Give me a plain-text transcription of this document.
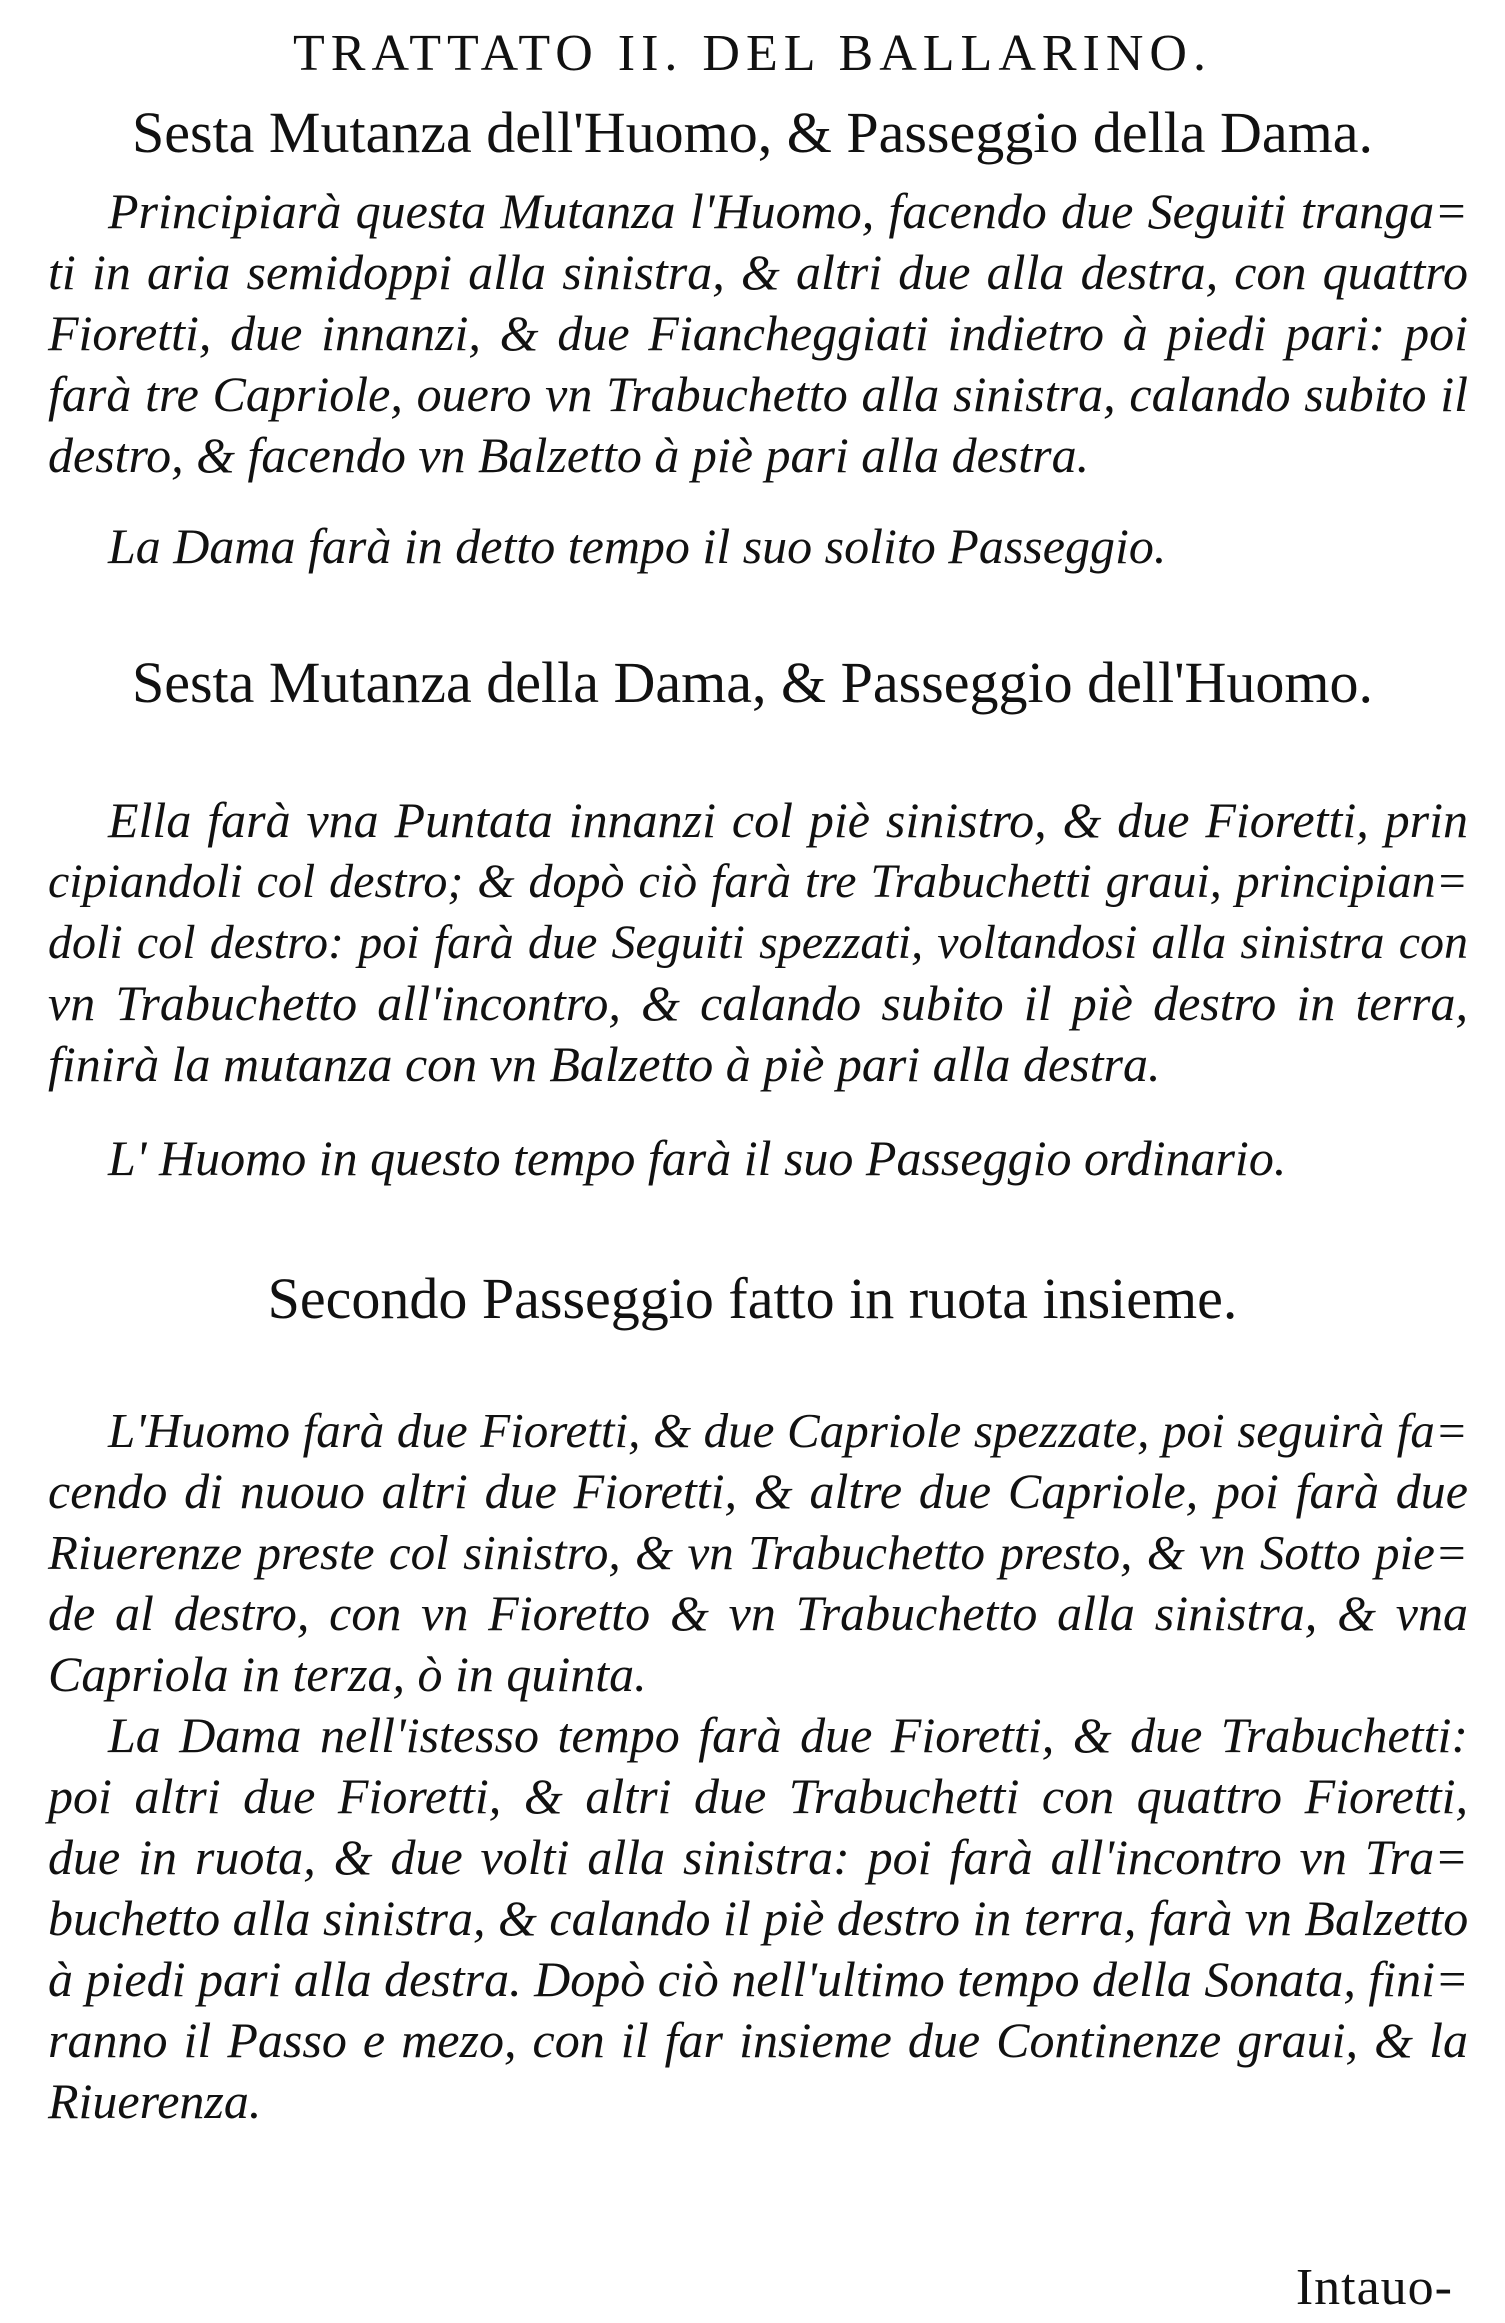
TRATTATO II. DEL BALLARINO.
Sesta Mutanza dell'Huomo, & Passeggio della Dama.
Principiarà questa Mutanza l'Huomo, facendo due Seguiti tranga=
ti in aria semidoppi alla sinistra, & altri due alla destra, con quattro
Fioretti, due innanzi, & due Fiancheggiati indietro à piedi pari: poi
farà tre Capriole, ouero vn Trabuchetto alla sinistra, calando subito il
destro, & facendo vn Balzetto à piè pari alla destra.
La Dama farà in detto tempo il suo solito Passeggio.
Sesta Mutanza della Dama, & Passeggio dell'Huomo.
Ella farà vna Puntata innanzi col piè sinistro, & due Fioretti, prin
cipiandoli col destro; & dopò ciò farà tre Trabuchetti graui, principian=
doli col destro: poi farà due Seguiti spezzati, voltandosi alla sinistra con
vn Trabuchetto all'incontro, & calando subito il piè destro in terra,
finirà la mutanza con vn Balzetto à piè pari alla destra.
L' Huomo in questo tempo farà il suo Passeggio ordinario.
Secondo Passeggio fatto in ruota insieme.
L'Huomo farà due Fioretti, & due Capriole spezzate, poi seguirà fa=
cendo di nuouo altri due Fioretti, & altre due Capriole, poi farà due
Riuerenze preste col sinistro, & vn Trabuchetto presto, & vn Sotto pie=
de al destro, con vn Fioretto & vn Trabuchetto alla sinistra, & vna
Capriola in terza, ò in quinta.
La Dama nell'istesso tempo farà due Fioretti, & due Trabuchetti:
poi altri due Fioretti, & altri due Trabuchetti con quattro Fioretti,
due in ruota, & due volti alla sinistra: poi farà all'incontro vn Tra=
buchetto alla sinistra, & calando il piè destro in terra, farà vn Balzetto
à piedi pari alla destra. Dopò ciò nell'ultimo tempo della Sonata, fini=
ranno il Passo e mezo, con il far insieme due Continenze graui, & la
Riuerenza.
Intauo-
